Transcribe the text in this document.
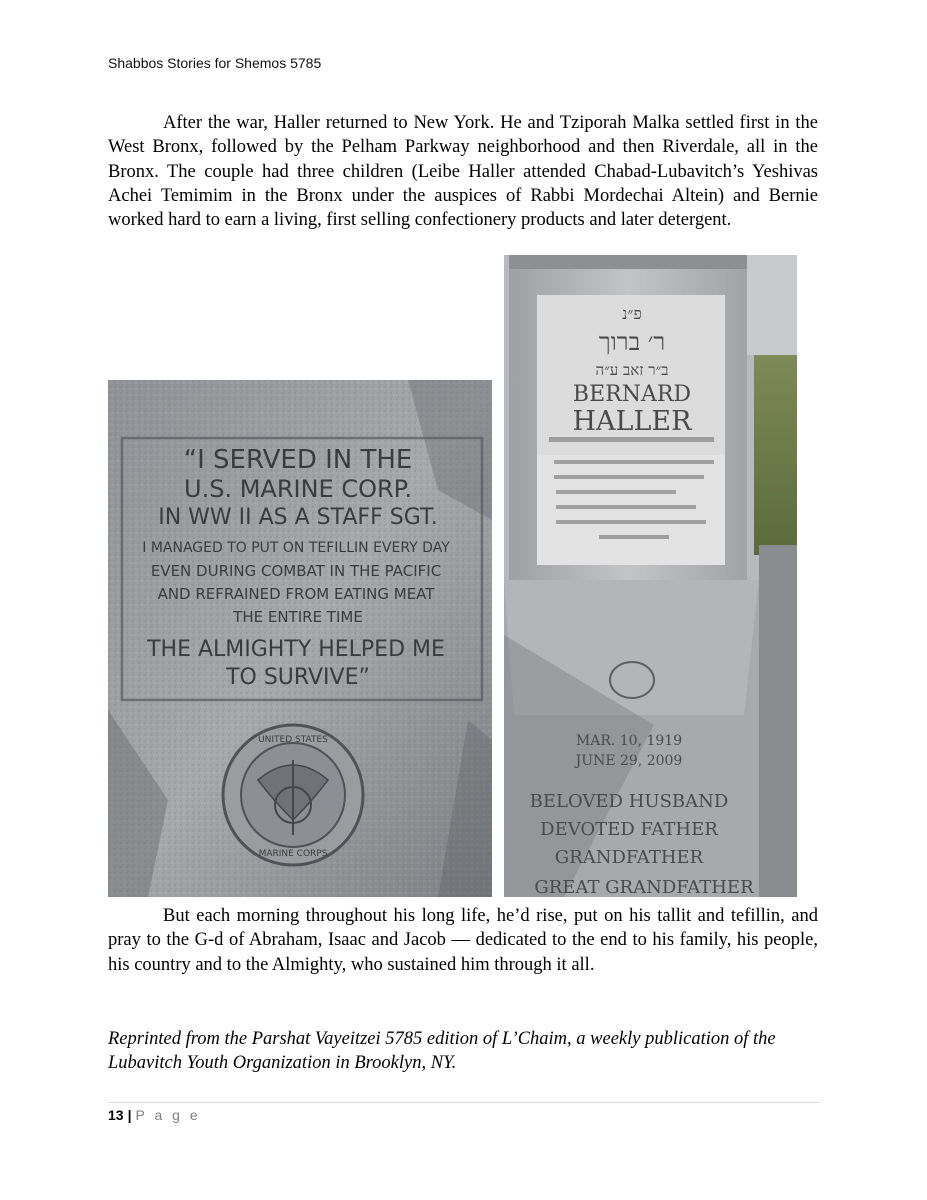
Shabbos Stories for Shemos 5785

After the war, Haller returned to New York. He and Tziporah Malka settled first in the West Bronx, followed by the Pelham Parkway neighborhood and then Riverdale, all in the Bronx. The couple had three children (Leibe Haller attended Chabad-Lubavitch’s Yeshivas Achei Temimim in the Bronx under the auspices of Rabbi Mordechai Altein) and Bernie worked hard to earn a living, first selling confectionery products and later detergent.

“I SERVED IN THE
U.S. MARINE CORP.
IN WW II AS A STAFF SGT.
I MANAGED TO PUT ON TEFILLIN EVERY DAY
EVEN DURING COMBAT IN THE PACIFIC
AND REFRAINED FROM EATING MEAT
THE ENTIRE TIME
THE ALMIGHTY HELPED ME
TO SURVIVE”
UNITED STATES
MARINE CORPS
פ״נ
ר׳ ברוך
ב״ר זאב ע״ה
BERNARD
HALLER
MAR. 10, 1919
JUNE 29, 2009
BELOVED HUSBAND
DEVOTED FATHER
GRANDFATHER
GREAT GRANDFATHER

But each morning throughout his long life, he’d rise, put on his tallit and tefillin, and pray to the G-d of Abraham, Isaac and Jacob — dedicated to the end to his family, his people, his country and to the Almighty, who sustained him through it all.

Reprinted from the Parshat Vayeitzei 5785 edition of L’Chaim, a weekly publication of the Lubavitch Youth Organization in Brooklyn, NY.

13 | P a g e
